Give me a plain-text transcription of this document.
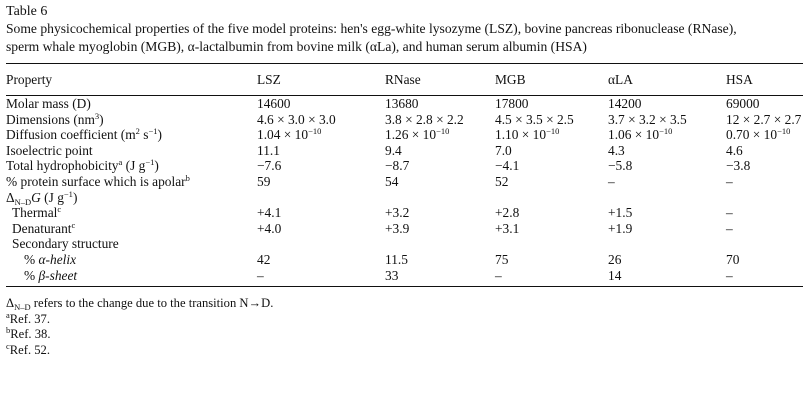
Table 6
Some physicochemical properties of the five model proteins: hen's egg-white lysozyme (LSZ), bovine pancreas ribonuclease (RNase),
sperm whale myoglobin (MGB), α-lactalbumin from bovine milk (αLa), and human serum albumin (HSA)
Property	LSZ	RNase	MGB	αLA	HSA
Molar mass (D)	14600	13680	17800	14200	69000
Dimensions $(nm^3)$	4.6 × 3.0 × 3.0	3.8 × 2.8 × 2.2	4.5 × 3.5 × 2.5	3.7 × 3.2 × 3.5	12 × 2.7 × 2.7
Diffusion coefficient ($m^2$ $s^{-1}$)	$1.04 \times 10^{-10}$	$1.26 \times 10^{-10}$	$1.10 \times 10^{-10}$	$1.06 \times 10^{-10}$	$0.70 \times 10^{-10}$
Isoelectric point	11.1	9.4	7.0	4.3	4.6
Total hydrophobicity$^a$ (J $g^{-1}$)	−7.6	−8.7	−4.1	−5.8	−3.8
% protein surface which is apolar$^b$	59	54	52	–	–
$\Delta_{N-D}G$ (J $g^{-1}$)					
Thermal$^c$	+4.1	+3.2	+2.8	+1.5	–
Denaturant$^c$	+4.0	+3.9	+3.1	+1.9	–
Secondary structure					
% α-helix	42	11.5	75	26	70
% β-sheet	–	33	–	14	–
$\Delta_{N-D}$ refers to the change due to the transition N→D.
$^a$Ref. 37.
$^b$Ref. 38.
$^c$Ref. 52.
